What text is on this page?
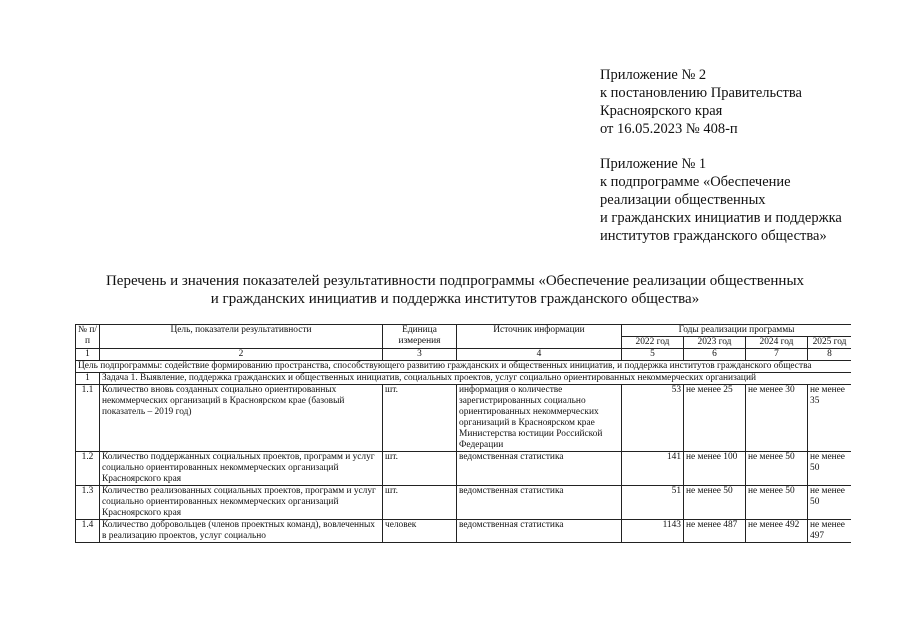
Приложение № 2
к постановлению Правительства
Красноярского края
от 16.05.2023 № 408-п
Приложение № 1
к подпрограмме «Обеспечение
реализации общественных
и гражданских инициатив и поддержка
институтов гражданского общества»
Перечень и значения показателей результативности подпрограммы «Обеспечение реализации общественных
и гражданских инициатив и поддержка институтов гражданского общества»
№ п/п	Цель, показатели результативности	Единица измерения	Источник информации	Годы реализации программы			
				2022 год	2023 год	2024 год	2025 год
1	2	3	4	5	6	7	8
Цель подпрограммы: содействие формированию пространства, способствующего развитию гражданских и общественных инициатив, и поддержка институтов гражданского общества							
1	Задача 1. Выявление, поддержка гражданских и общественных инициатив, социальных проектов, услуг социально ориентированных некоммерческих организаций						
1.1	Количество вновь созданных социально ориентированных некоммерческих организаций в Красноярском крае (базовый показатель – 2019 год)	шт.	информация о количестве зарегистрированных социально ориентированных некоммерческих организаций в Красноярском крае Министерства юстиции Российской Федерации	53	не менее 25	не менее 30	не менее 35
1.2	Количество поддержанных социальных проектов, программ и услуг социально ориентированных некоммерческих организаций Красноярского края	шт.	ведомственная статистика	141	не менее 100	не менее 50	не менее 50
1.3	Количество реализованных социальных проектов, программ и услуг социально ориентированных некоммерческих организаций Красноярского края	шт.	ведомственная статистика	51	не менее 50	не менее 50	не менее 50
1.4	Количество добровольцев (членов проектных команд), вовлеченных в реализацию проектов, услуг социально	человек	ведомственная статистика	1143	не менее 487	не менее 492	не менее 497
